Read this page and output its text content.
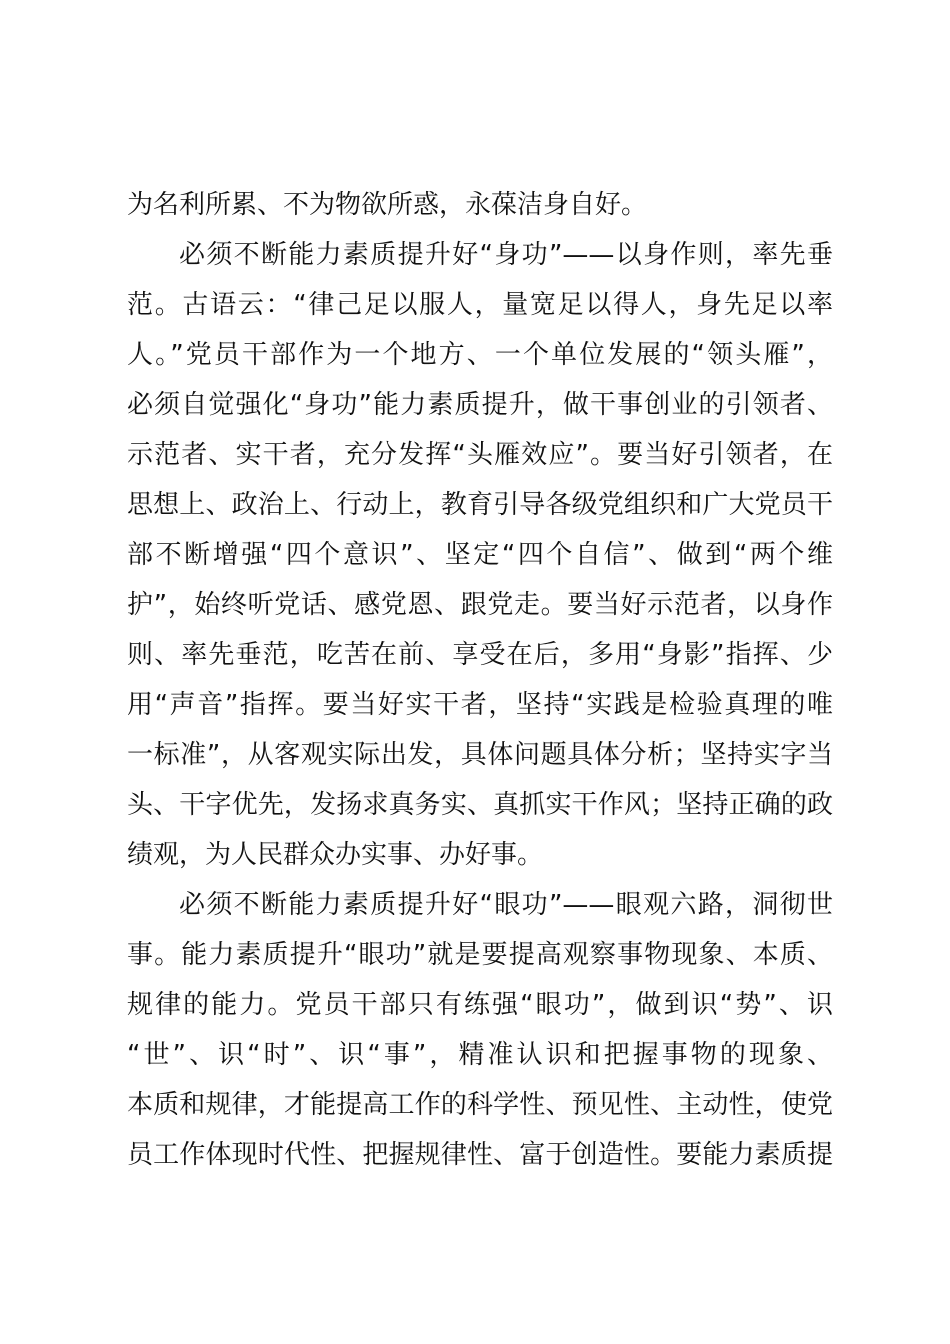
为名利所累、不为物欲所惑，永葆洁身自好。
必须不断能力素质提升好“身功”——以身作则，率先垂
范。古语云：“律己足以服人，量宽足以得人，身先足以率
人。”党员干部作为一个地方、一个单位发展的“领头雁”，
必须自觉强化“身功”能力素质提升，做干事创业的引领者、
示范者、实干者，充分发挥“头雁效应”。要当好引领者，在
思想上、政治上、行动上，教育引导各级党组织和广大党员干
部不断增强“四个意识”、坚定“四个自信”、做到“两个维
护”，始终听党话、感党恩、跟党走。要当好示范者，以身作
则、率先垂范，吃苦在前、享受在后，多用“身影”指挥、少
用“声音”指挥。要当好实干者，坚持“实践是检验真理的唯
一标准”，从客观实际出发，具体问题具体分析；坚持实字当
头、干字优先，发扬求真务实、真抓实干作风；坚持正确的政
绩观，为人民群众办实事、办好事。
必须不断能力素质提升好“眼功”——眼观六路，洞彻世
事。能力素质提升“眼功”就是要提高观察事物现象、本质、
规律的能力。党员干部只有练强“眼功”，做到识“势”、识
“世”、识“时”、识“事”，精准认识和把握事物的现象、
本质和规律，才能提高工作的科学性、预见性、主动性，使党
员工作体现时代性、把握规律性、富于创造性。要能力素质提
